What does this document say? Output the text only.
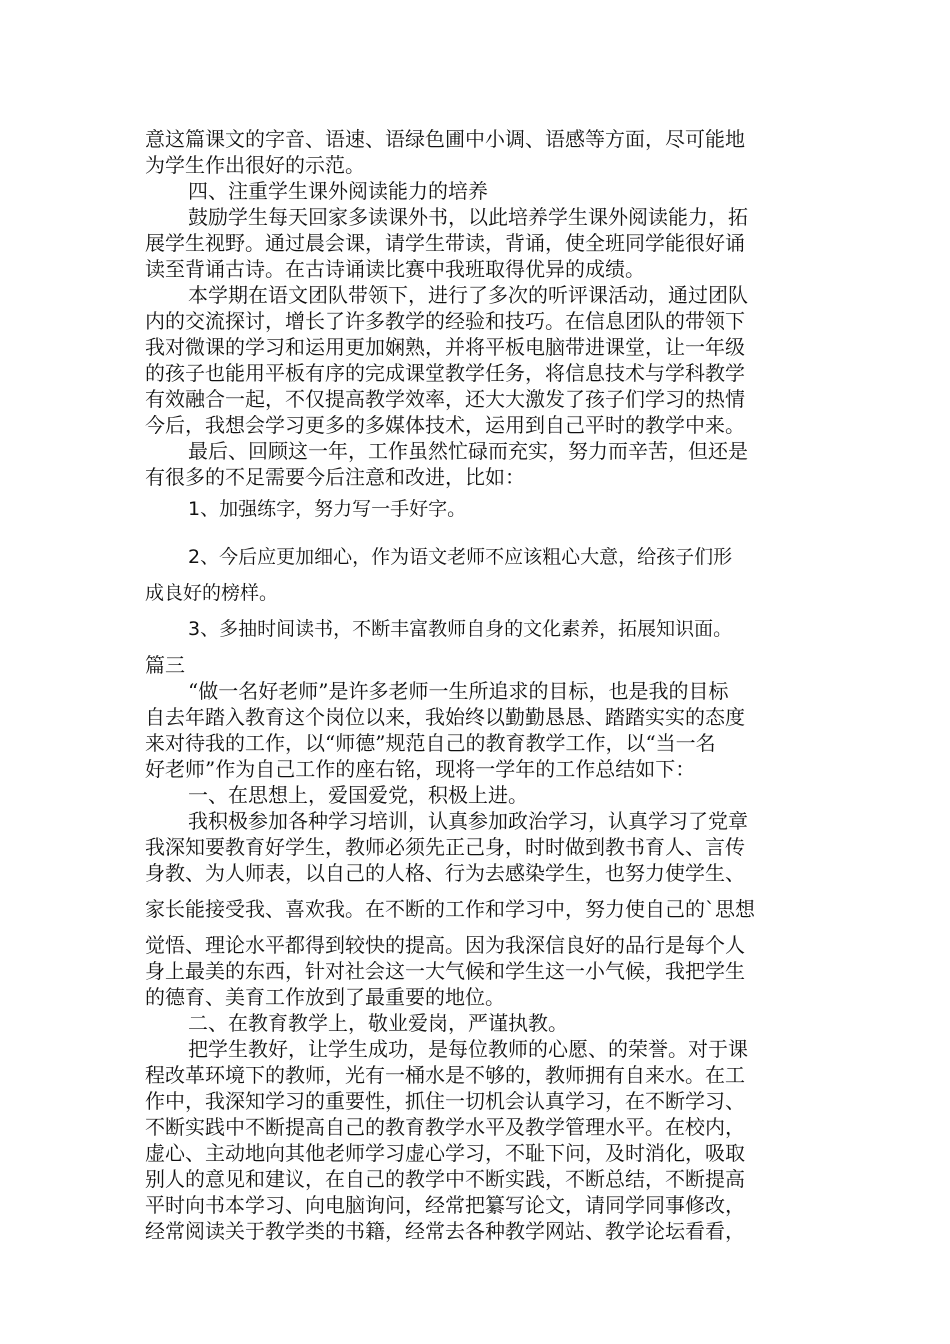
意这篇课文的字音、语速、语绿色圃中小调、语感等方面，尽可能地
为学生作出很好的示范。
四、注重学生课外阅读能力的培养
鼓励学生每天回家多读课外书，以此培养学生课外阅读能力，拓
展学生视野。通过晨会课，请学生带读，背诵，使全班同学能很好诵
读至背诵古诗。在古诗诵读比赛中我班取得优异的成绩。
本学期在语文团队带领下，进行了多次的听评课活动，通过团队
内的交流探讨，增长了许多教学的经验和技巧。在信息团队的带领下
我对微课的学习和运用更加娴熟，并将平板电脑带进课堂，让一年级
的孩子也能用平板有序的完成课堂教学任务，将信息技术与学科教学
有效融合一起，不仅提高教学效率，还大大激发了孩子们学习的热情
今后，我想会学习更多的多媒体技术，运用到自己平时的教学中来。
最后、回顾这一年，工作虽然忙碌而充实，努力而辛苦，但还是
有很多的不足需要今后注意和改进，比如：
1、加强练字，努力写一手好字。
2、今后应更加细心，作为语文老师不应该粗心大意，给孩子们形
成良好的榜样。
3、多抽时间读书，不断丰富教师自身的文化素养，拓展知识面。
篇三
“做一名好老师”是许多老师一生所追求的目标，也是我的目标
自去年踏入教育这个岗位以来，我始终以勤勤恳恳、踏踏实实的态度
来对待我的工作，以“师德”规范自己的教育教学工作，以“当一名
好老师”作为自己工作的座右铭，现将一学年的工作总结如下：
一、在思想上，爱国爱党，积极上进。
我积极参加各种学习培训，认真参加政治学习，认真学习了党章
我深知要教育好学生，教师必须先正己身，时时做到教书育人、言传
身教、为人师表，以自己的人格、行为去感染学生，也努力使学生、
家长能接受我、喜欢我。在不断的工作和学习中，努力使自己的`思想
觉悟、理论水平都得到较快的提高。因为我深信良好的品行是每个人
身上最美的东西，针对社会这一大气候和学生这一小气候，我把学生
的德育、美育工作放到了最重要的地位。
二、在教育教学上，敬业爱岗，严谨执教。
把学生教好，让学生成功，是每位教师的心愿、的荣誉。对于课
程改革环境下的教师，光有一桶水是不够的，教师拥有自来水。在工
作中，我深知学习的重要性，抓住一切机会认真学习，在不断学习、
不断实践中不断提高自己的教育教学水平及教学管理水平。在校内，
虚心、主动地向其他老师学习虚心学习，不耻下问，及时消化，吸取
别人的意见和建议，在自己的教学中不断实践，不断总结，不断提高
平时向书本学习、向电脑询问，经常把纂写论文，请同学同事修改，
经常阅读关于教学类的书籍，经常去各种教学网站、教学论坛看看，
